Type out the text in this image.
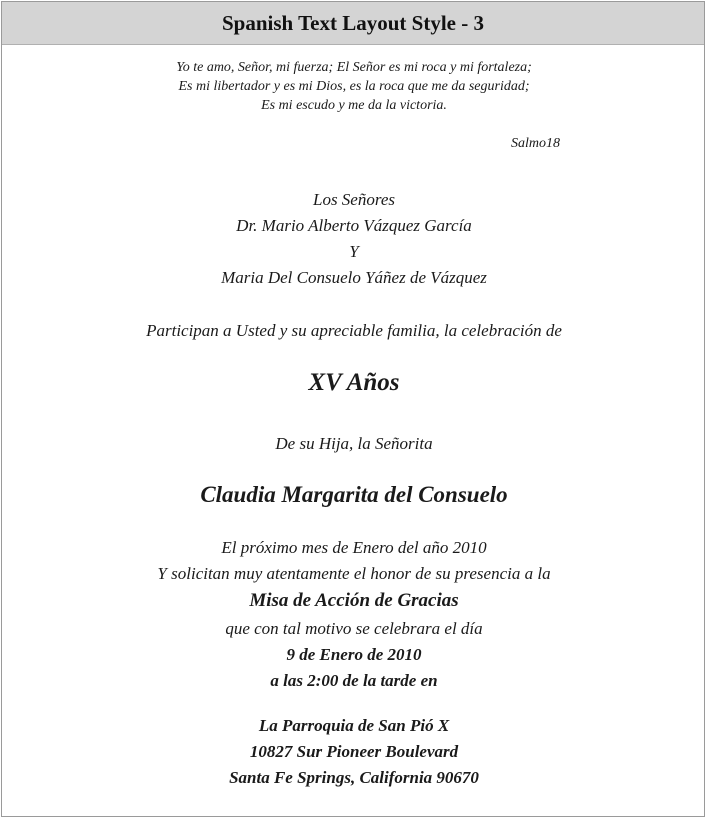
Spanish Text Layout Style - 3
Yo te amo, Señor, mi fuerza; El Señor es mi roca y mi fortaleza;
Es mi libertador y es mi Dios, es la roca que me da seguridad;
Es mi escudo y me da la victoria.
Salmo18
Los Señores
Dr. Mario Alberto Vázquez García
Y
Maria Del Consuelo Yáñez de Vázquez
Participan a Usted y su apreciable familia, la celebración de
XV Años
De su Hija, la Señorita
Claudia Margarita del Consuelo
El próximo mes de Enero del año 2010
Y solicitan muy atentamente el honor de su presencia a la
Misa de Acción de Gracias
que con tal motivo se celebrara el día
9 de Enero de 2010
a las 2:00 de la tarde en
La Parroquia de San Pió X
10827 Sur Pioneer Boulevard
Santa Fe Springs, California 90670
